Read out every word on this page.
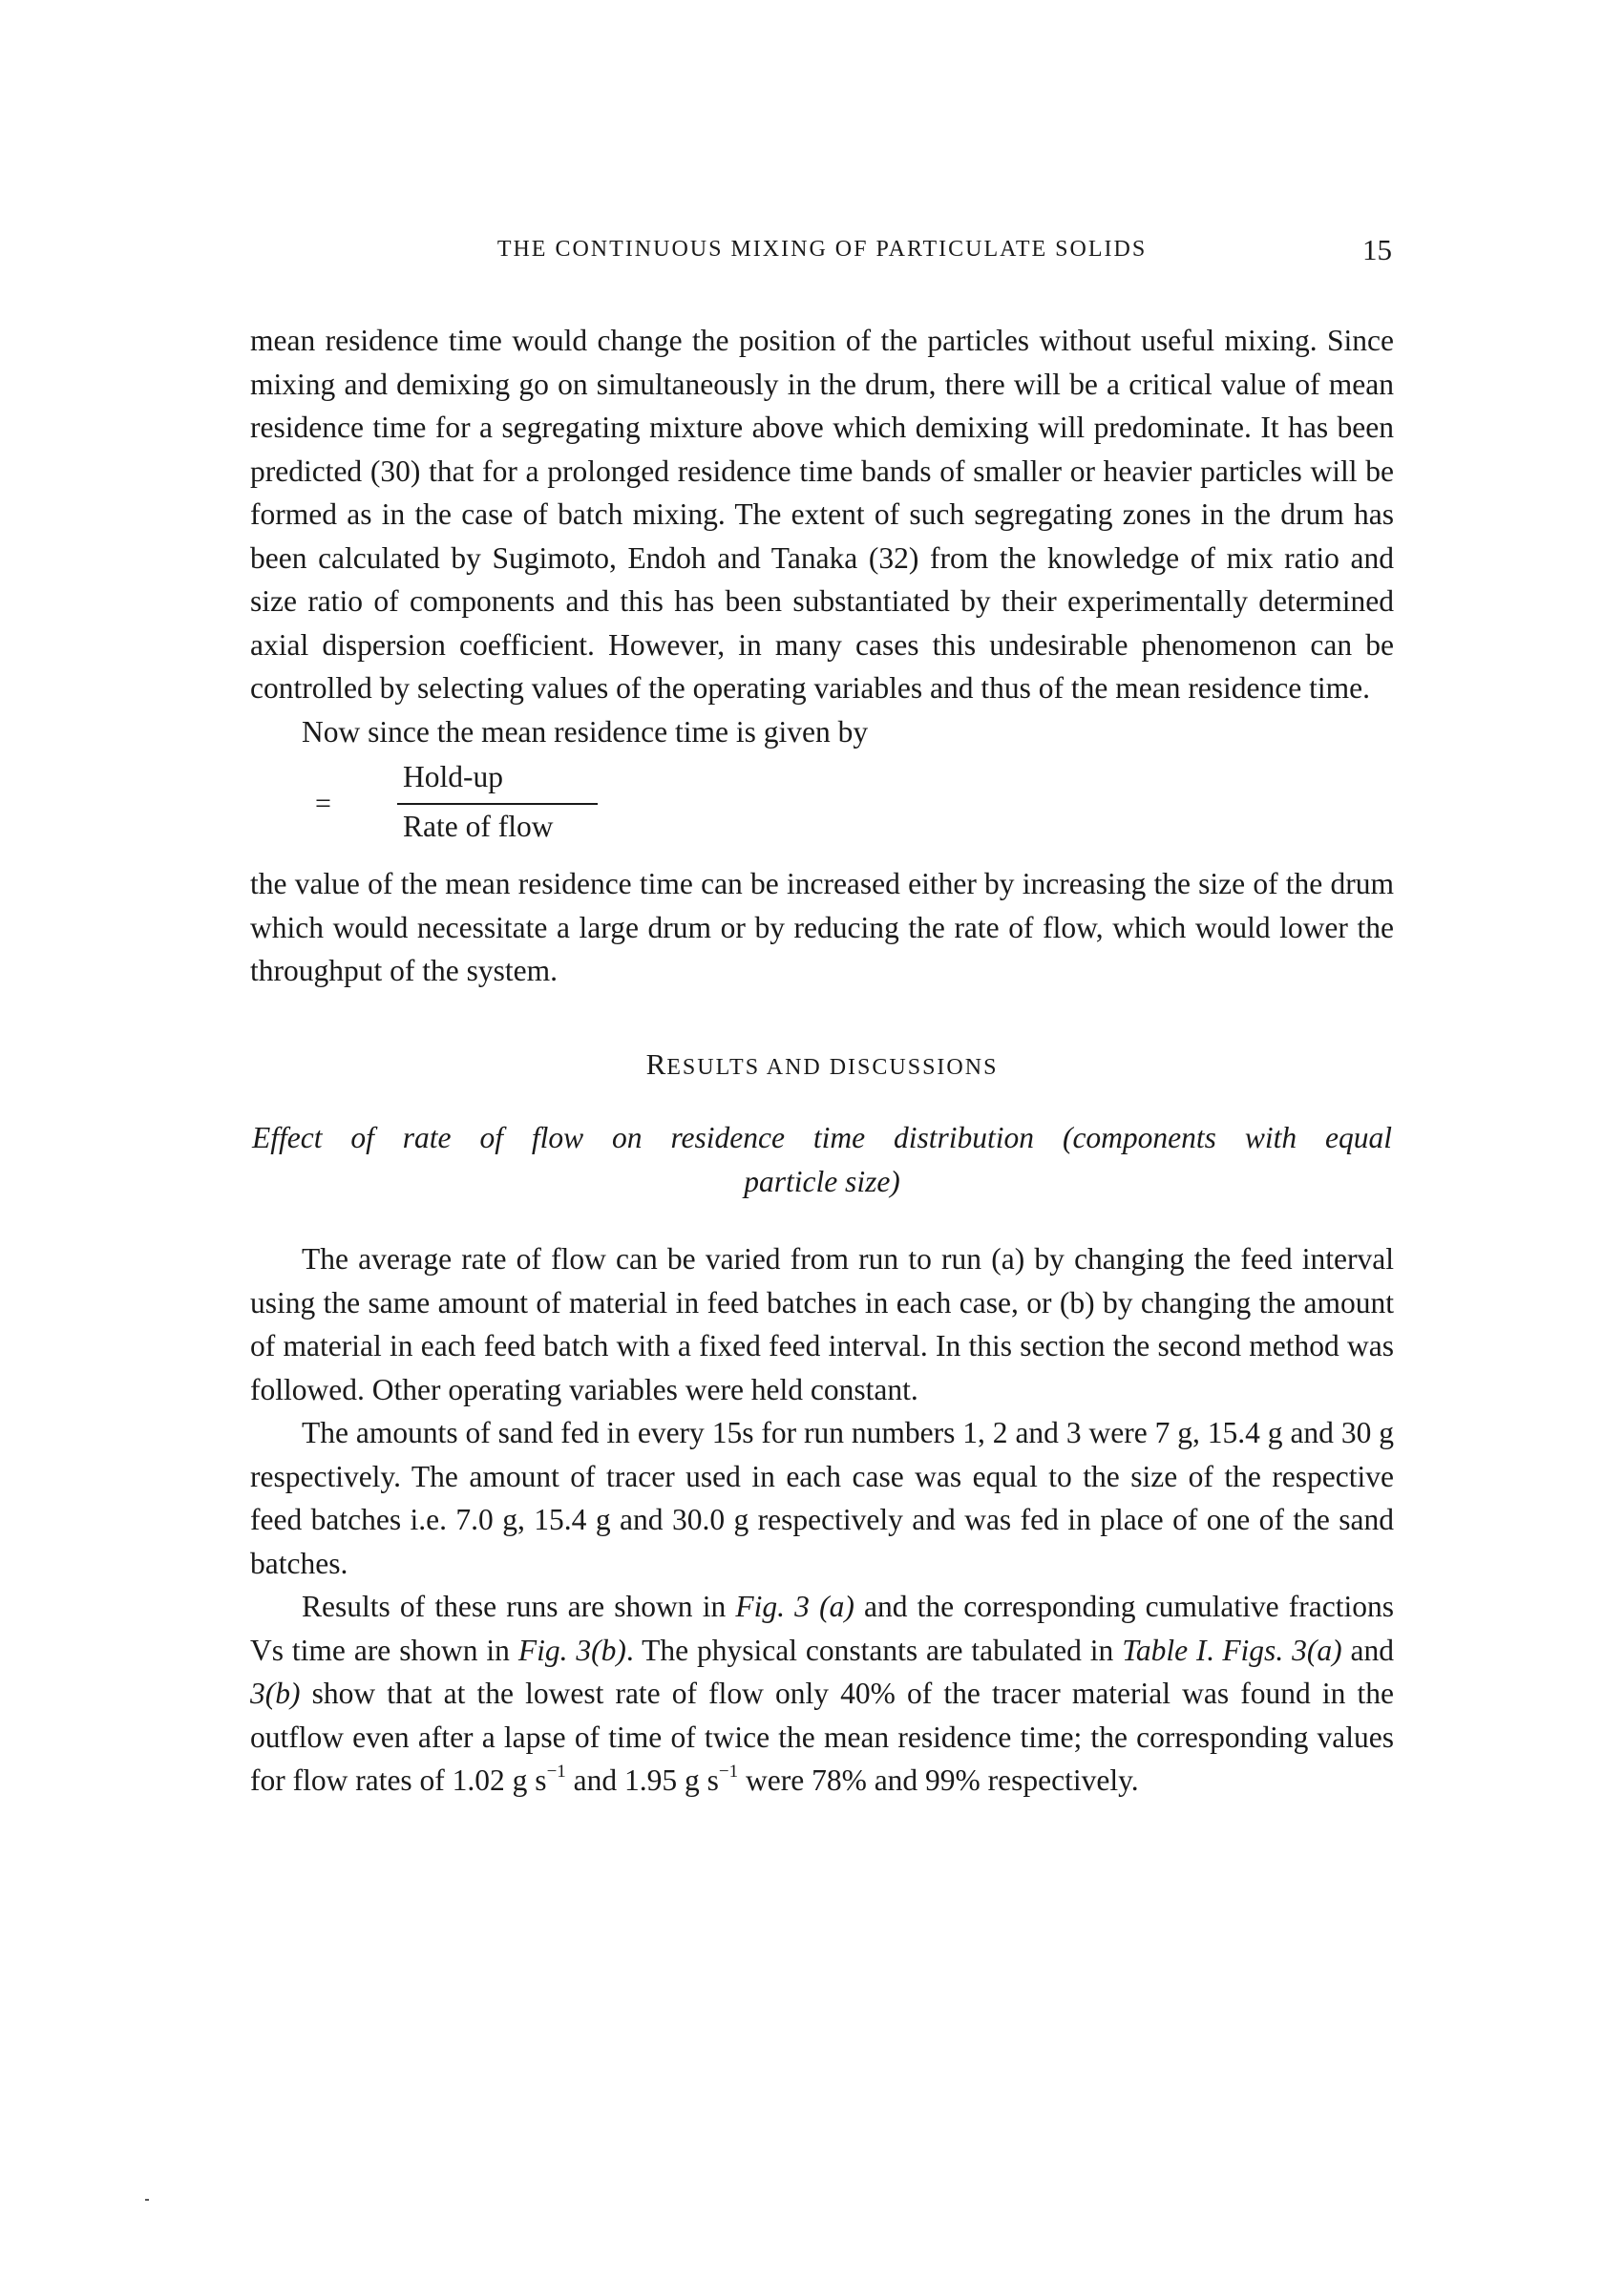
THE CONTINUOUS MIXING OF PARTICULATE SOLIDS	15

mean residence time would change the position of the particles without useful mixing. Since mixing and demixing go on simultaneously in the drum, there will be a critical value of mean residence time for a segregating mixture above which demixing will predominate. It has been predicted (30) that for a prolonged residence time bands of smaller or heavier particles will be formed as in the case of batch mixing. The extent of such segregating zones in the drum has been calculated by Sugimoto, Endoh and Tanaka (32) from the knowledge of mix ratio and size ratio of components and this has been substantiated by their experimentally determined axial dispersion coefficient. However, in many cases this undesirable phenomenon can be controlled by selecting values of the operating variables and thus of the mean residence time.

Now since the mean residence time is given by

=
Hold-up
Rate of flow

the value of the mean residence time can be increased either by increasing the size of the drum which would necessitate a large drum or by reducing the rate of flow, which would lower the throughput of the system.

RESULTS AND DISCUSSIONS
Effect of rate of flow on residence time distribution (components with equal
particle size)

The average rate of flow can be varied from run to run (a) by changing the feed interval using the same amount of material in feed batches in each case, or (b) by changing the amount of material in each feed batch with a fixed feed interval. In this section the second method was followed. Other operating variables were held constant.

The amounts of sand fed in every 15s for run numbers 1, 2 and 3 were 7 g, 15.4 g and 30 g respectively. The amount of tracer used in each case was equal to the size of the respective feed batches i.e. 7.0 g, 15.4 g and 30.0 g respectively and was fed in place of one of the sand batches.

Results of these runs are shown in Fig. 3 (a) and the corresponding cumulative fractions Vs time are shown in Fig. 3(b). The physical constants are tabulated in Table I. Figs. 3(a) and 3(b) show that at the lowest rate of flow only 40% of the tracer material was found in the outflow even after a lapse of time of twice the mean residence time; the corresponding values for flow rates of 1.02 g $s^{-1}$ and 1.95 g $s^{-1}$ were 78% and 99% respectively.
